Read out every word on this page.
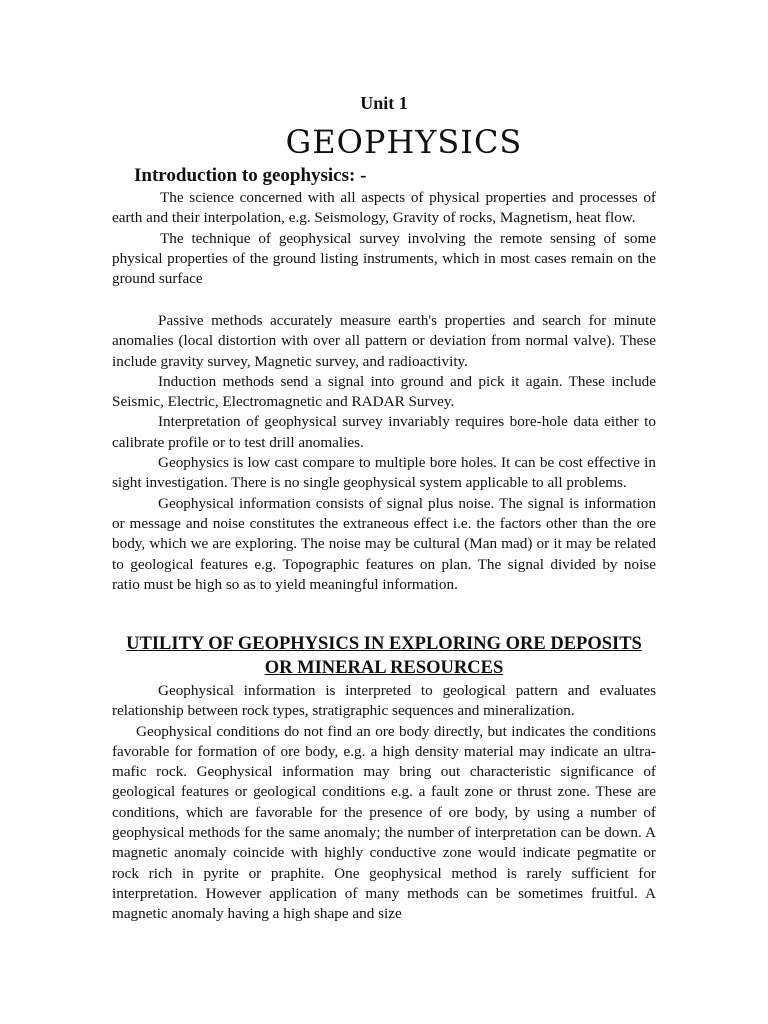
Unit 1
GEOPHYSICS
Introduction to geophysics: -

The science concerned with all aspects of physical properties and processes of earth and their interpolation, e.g. Seismology, Gravity of rocks, Magnetism, heat flow.

The technique of geophysical survey involving the remote sensing of some physical properties of the ground listing instruments, which in most cases remain on the ground surface

Passive methods accurately measure earth's properties and search for minute anomalies (local distortion with over all pattern or deviation from normal valve). These include gravity survey, Magnetic survey, and radioactivity.

Induction methods send a signal into ground and pick it again. These include Seismic, Electric, Electromagnetic and RADAR Survey.

Interpretation of geophysical survey invariably requires bore-hole data either to calibrate profile or to test drill anomalies.

Geophysics is low cast compare to multiple bore holes. It can be cost effective in sight investigation. There is no single geophysical system applicable to all problems.

Geophysical information consists of signal plus noise. The signal is information or message and noise constitutes the extraneous effect i.e. the factors other than the ore body, which we are exploring. The noise may be cultural (Man mad) or it may be related to geological features e.g. Topographic features on plan. The signal divided by noise ratio must be high so as to yield meaningful information.

UTILITY OF GEOPHYSICS IN EXPLORING ORE DEPOSITS OR MINERAL RESOURCES

Geophysical information is interpreted to geological pattern and evaluates relationship between rock types, stratigraphic sequences and mineralization.

Geophysical conditions do not find an ore body directly, but indicates the conditions favorable for formation of ore body, e.g. a high density material may indicate an ultra-mafic rock. Geophysical information may bring out characteristic significance of geological features or geological conditions e.g. a fault zone or thrust zone. These are conditions, which are favorable for the presence of ore body, by using a number of geophysical methods for the same anomaly; the number of interpretation can be down. A magnetic anomaly coincide with highly conductive zone would indicate pegmatite or rock rich in pyrite or praphite. One geophysical method is rarely sufficient for interpretation. However application of many methods can be sometimes fruitful. A magnetic anomaly having a high shape and size
